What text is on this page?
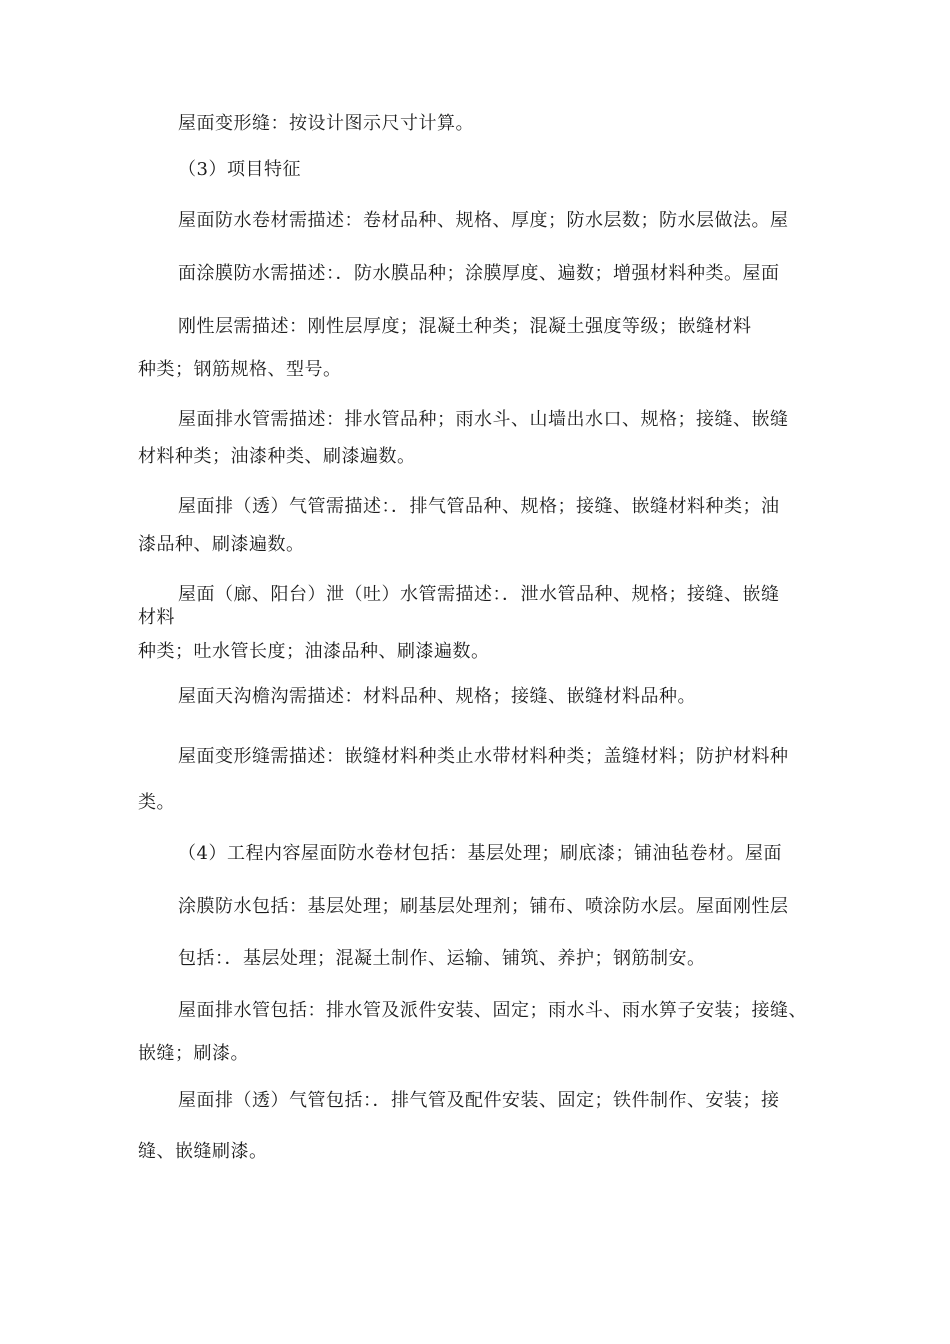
屋面变形缝：按设计图示尺寸计算。
（3）项目特征
屋面防水卷材需描述：卷材品种、规格、厚度；防水层数；防水层做法。屋
面涂膜防水需描述：．防水膜品种；涂膜厚度、遍数；增强材料种类。屋面
刚性层需描述：刚性层厚度；混凝土种类；混凝土强度等级；嵌缝材料
种类；钢筋规格、型号。
屋面排水管需描述：排水管品种；雨水斗、山墙出水口、规格；接缝、嵌缝
材料种类；油漆种类、刷漆遍数。
屋面排（透）气管需描述：．排气管品种、规格；接缝、嵌缝材料种类；油
漆品种、刷漆遍数。
屋面（廊、阳台）泄（吐）水管需描述：．泄水管品种、规格；接缝、嵌缝
材料
种类；吐水管长度；油漆品种、刷漆遍数。
屋面天沟檐沟需描述：材料品种、规格；接缝、嵌缝材料品种。
屋面变形缝需描述：嵌缝材料种类止水带材料种类；盖缝材料；防护材料种
类。
（4）工程内容屋面防水卷材包括：基层处理；刷底漆；铺油毡卷材。屋面
涂膜防水包括：基层处理；刷基层处理剂；铺布、喷涂防水层。屋面刚性层
包括：．基层处理；混凝土制作、运输、铺筑、养护；钢筋制安。
屋面排水管包括：排水管及派件安装、固定；雨水斗、雨水箅子安装；接缝、
嵌缝；刷漆。
屋面排（透）气管包括：．排气管及配件安装、固定；铁件制作、安装；接
缝、嵌缝刷漆。
